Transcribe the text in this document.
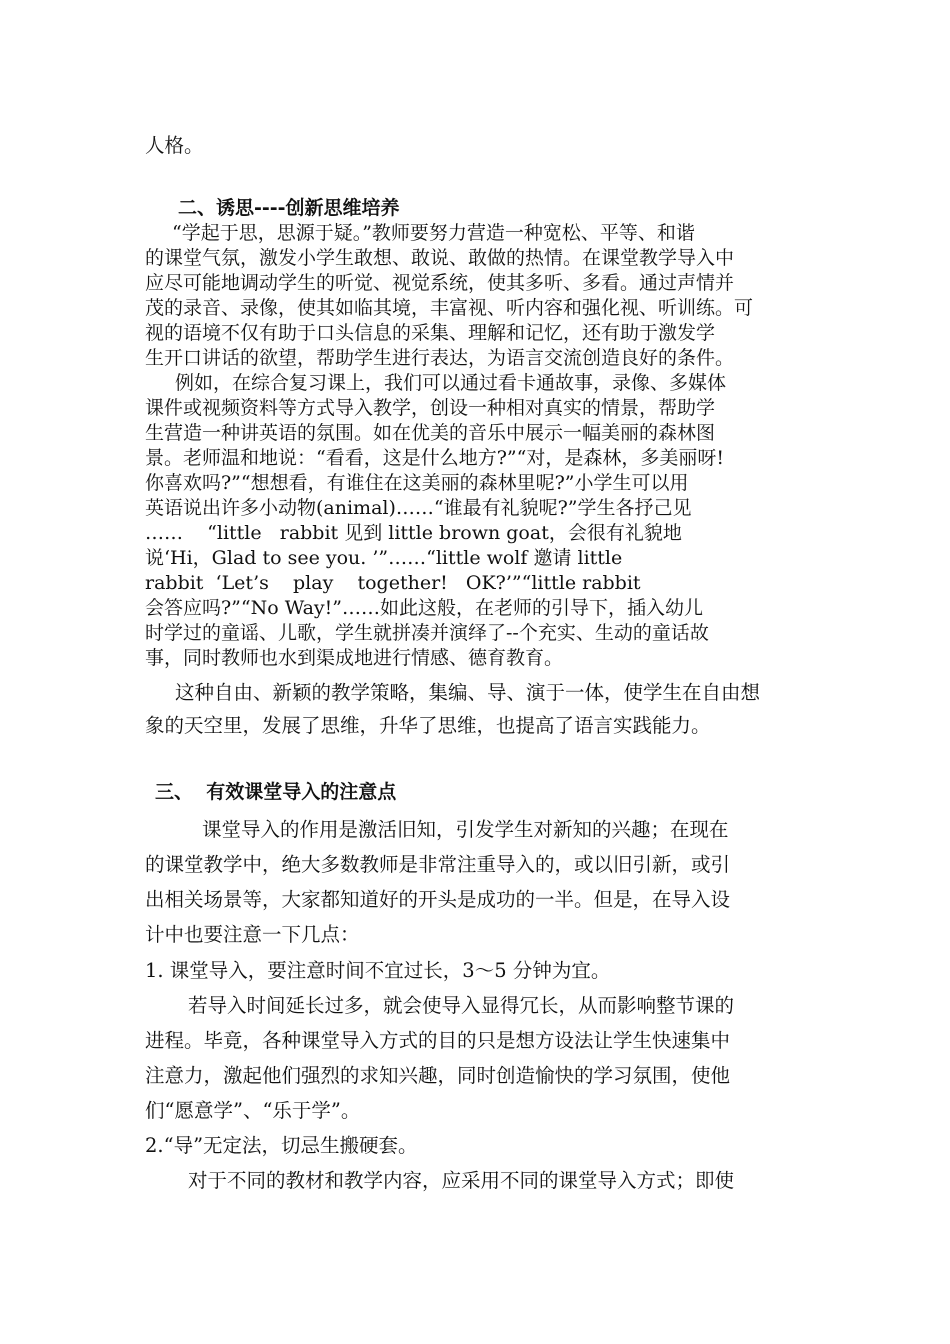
人格。
二、诱思----创新思维培养
“学起于思，思源于疑。”教师要努力营造一种宽松、平等、和谐
的课堂气氛，激发小学生敢想、敢说、敢做的热情。在课堂教学导入中
应尽可能地调动学生的听觉、视觉系统，使其多听、多看。通过声情并
茂的录音、录像，使其如临其境，丰富视、听内容和强化视、听训练。可
视的语境不仅有助于口头信息的采集、理解和记忆，还有助于激发学
生开口讲话的欲望，帮助学生进行表达，为语言交流创造良好的条件。
例如，在综合复习课上，我们可以通过看卡通故事，录像、多媒体
课件或视频资料等方式导入教学，创设一种相对真实的情景，帮助学
生营造一种讲英语的氛围。如在优美的音乐中展示一幅美丽的森林图
景。老师温和地说：“看看，这是什么地方?”“对，是森林，多美丽呀!
你喜欢吗?”“想想看，有谁住在这美丽的森林里呢?”小学生可以用
英语说出许多小动物(animal)……“谁最有礼貌呢?”学生各抒己见
……    “little   rabbit 见到 little brown goat，会很有礼貌地
说‘Hi，Glad to see you. ’”……“little wolf 邀请 little
rabbit  ‘Let’s    play    together!   OK?’”“little rabbit
会答应吗?”“No Way!”……如此这般，在老师的引导下，插入幼儿
时学过的童谣、儿歌，学生就拼凑并演绎了--个充实、生动的童话故
事，同时教师也水到渠成地进行情感、德育教育。
这种自由、新颖的教学策略，集编、导、演于一体，使学生在自由想
象的天空里，发展了思维，升华了思维，也提高了语言实践能力。
三、  有效课堂导入的注意点
课堂导入的作用是激活旧知，引发学生对新知的兴趣；在现在
的课堂教学中，绝大多数教师是非常注重导入的，或以旧引新，或引
出相关场景等，大家都知道好的开头是成功的一半。但是，在导入设
计中也要注意一下几点：
1. 课堂导入，要注意时间不宜过长，3～5 分钟为宜。
若导入时间延长过多，就会使导入显得冗长，从而影响整节课的
进程。毕竟，各种课堂导入方式的目的只是想方设法让学生快速集中
注意力，激起他们强烈的求知兴趣，同时创造愉快的学习氛围，使他
们“愿意学”、“乐于学”。
2.“导”无定法，切忌生搬硬套。
对于不同的教材和教学内容，应采用不同的课堂导入方式；即使
